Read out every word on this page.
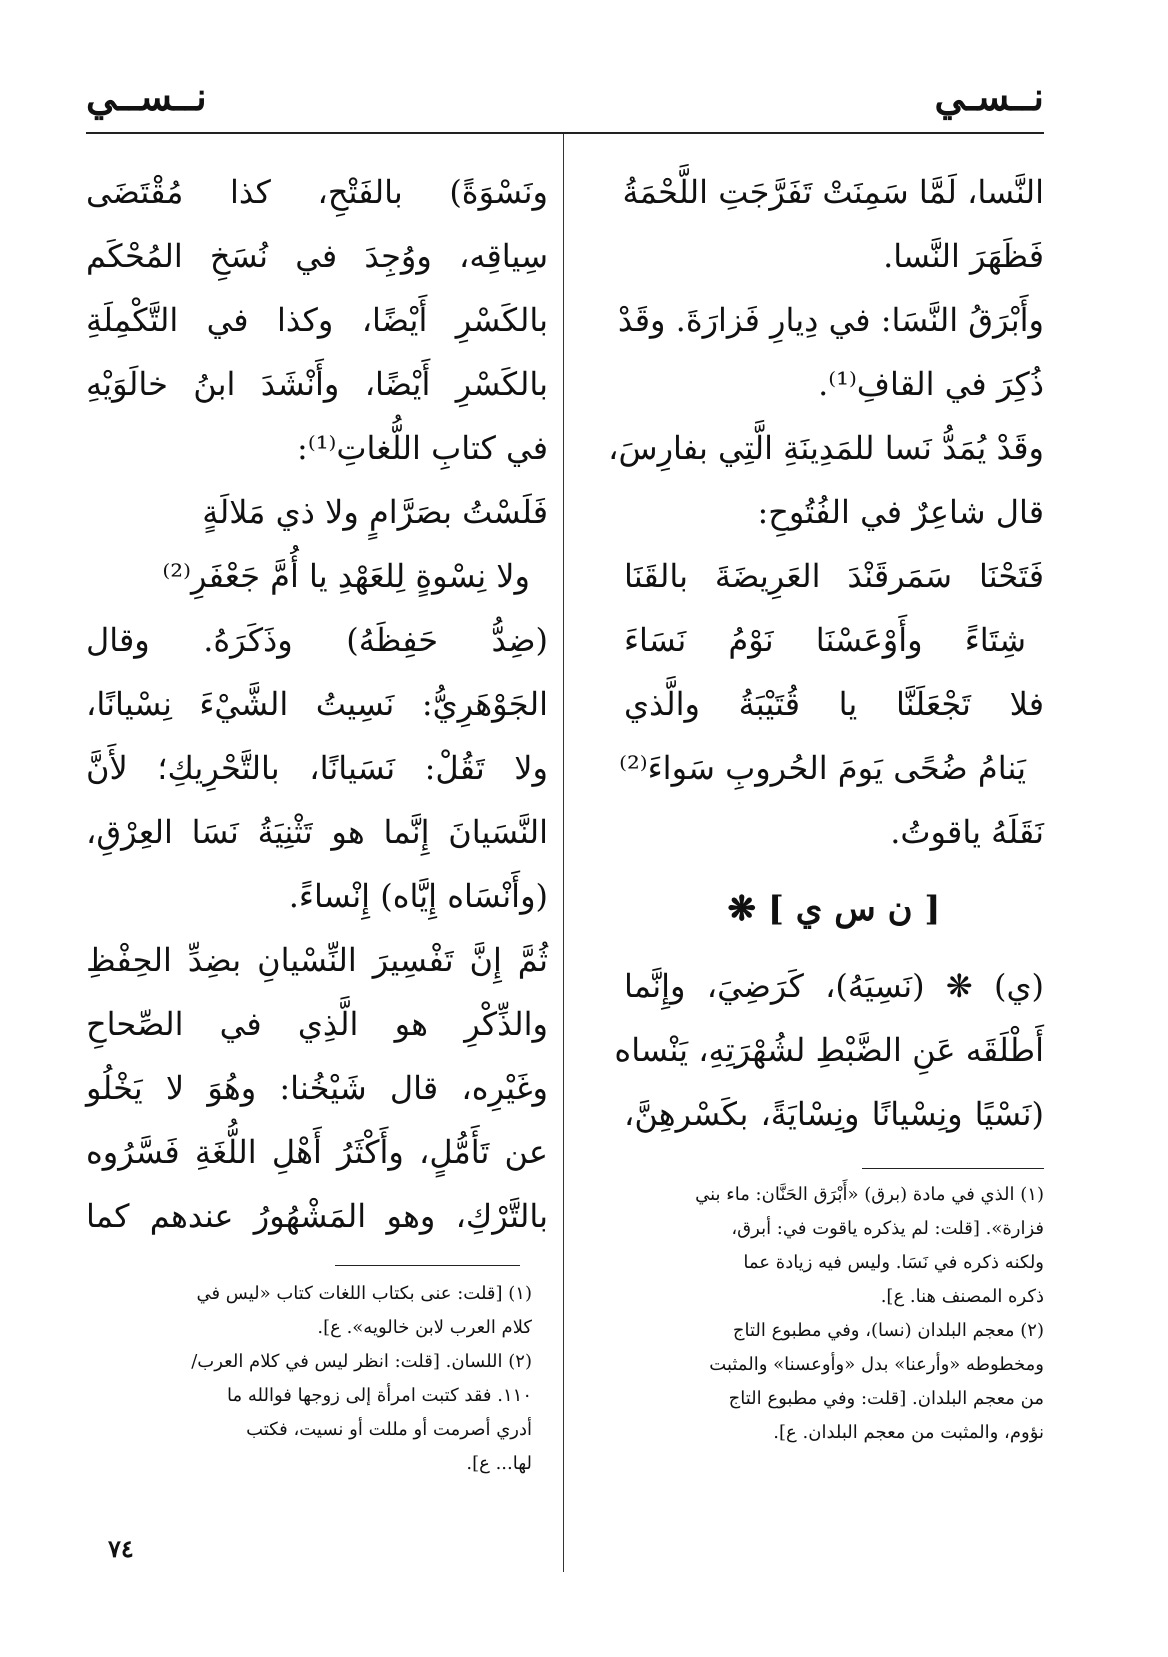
نــسـي
نــســي
النَّسا، لَمَّا سَمِنَتْ تَفَرَّجَتِ اللَّحْمَةُ
فَظَهَرَ النَّسا.
وأَبْرَقُ النَّسَا: في دِيارِ فَزارَةَ. وقَدْ
ذُكِرَ في القافِ⁽¹⁾.
وقَدْ يُمَدُّ نَسا للمَدِينَةِ الَّتِي بفارِسَ،
قال شاعِرٌ في الفُتُوحِ:
فَتَحْنَا سَمَرقَنْدَ العَرِيضَةَ بالقَنَا
شِتَاءً وأَوْعَسْنَا نَوْمُ نَسَاءَ
فلا تَجْعَلَنَّا يا قُتَيْبَةُ والَّذي
يَنامُ ضُحًى يَومَ الحُروبِ سَواءَ⁽²⁾
نَقَلَهُ ياقوتُ.
[ ن س ي ] ❋
(ي) ❋ (نَسِيَهُ)، كَرَضِيَ، وإِنَّما
أَطْلَقَه عَنِ الضَّبْطِ لشُهْرَتِهِ، يَنْساه
(نَسْيًا ونِسْيانًا ونِسْايَةً، بكَسْرهِنَّ،
ونَسْوَةً) بالفَتْحِ، كذا مُقْتَضَى
سِياقِه، ووُجِدَ في نُسَخِ المُحْكَم
بالكَسْرِ أَيْضًا، وكذا في التَّكْمِلَةِ
بالكَسْرِ أَيْضًا، وأَنْشَدَ ابنُ خالَوَيْهِ
في كتابِ اللُّغاتِ⁽¹⁾:
فَلَسْتُ بصَرَّامٍ ولا ذي مَلالَةٍ
ولا نِسْوةٍ لِلعَهْدِ يا أُمَّ جَعْفَرِ⁽²⁾
(ضِدُّ حَفِظَهُ) وذَكَرَهُ. وقال
الجَوْهَرِيُّ: نَسِيتُ الشَّيْءَ نِسْيانًا،
ولا تَقُلْ: نَسَيانًا، بالتَّحْرِيكِ؛ لأَنَّ
النَّسَيانَ إِنَّما هو تَثْنِيَةُ نَسَا العِرْقِ،
(وأَنْسَاه إِيَّاه) إِنْساءً.
ثُمَّ إِنَّ تَفْسِيرَ النِّسْيانِ بضِدِّ الحِفْظِ
والذِّكْرِ هو الَّذِي في الصِّحاحِ
وغَيْرِه، قال شَيْخُنا: وهُوَ لا يَخْلُو
عن تَأَمُّلٍ، وأَكْثَرُ أَهْلِ اللُّغَةِ فَسَّرُوه
بالتَّرْكِ، وهو المَشْهُورُ عندهم كما

(١) الذي في مادة (برق) «أَبْرَق الحَنَّان: ماء بني

فزارة». [قلت: لم يذكره ياقوت في: أبرق،

ولكنه ذكره في نَسَا. وليس فيه زيادة عما

ذكره المصنف هنا. ع].

(٢) معجم البلدان (نسا)، وفي مطبوع التاج

ومخطوطه «وأرعنا» بدل «وأوعسنا» والمثبت

من معجم البلدان. [قلت: وفي مطبوع التاج

نؤوم، والمثبت من معجم البلدان. ع].

(١) [قلت: عنى بكتاب اللغات كتاب «ليس في

كلام العرب لابن خالويه». ع].

(٢) اللسان. [قلت: انظر ليس في كلام العرب/

١١٠. فقد كتبت امرأة إلى زوجها فوالله ما

أدري أصرمت أو مللت أو نسيت، فكتب

لها... ع].

٧٤
